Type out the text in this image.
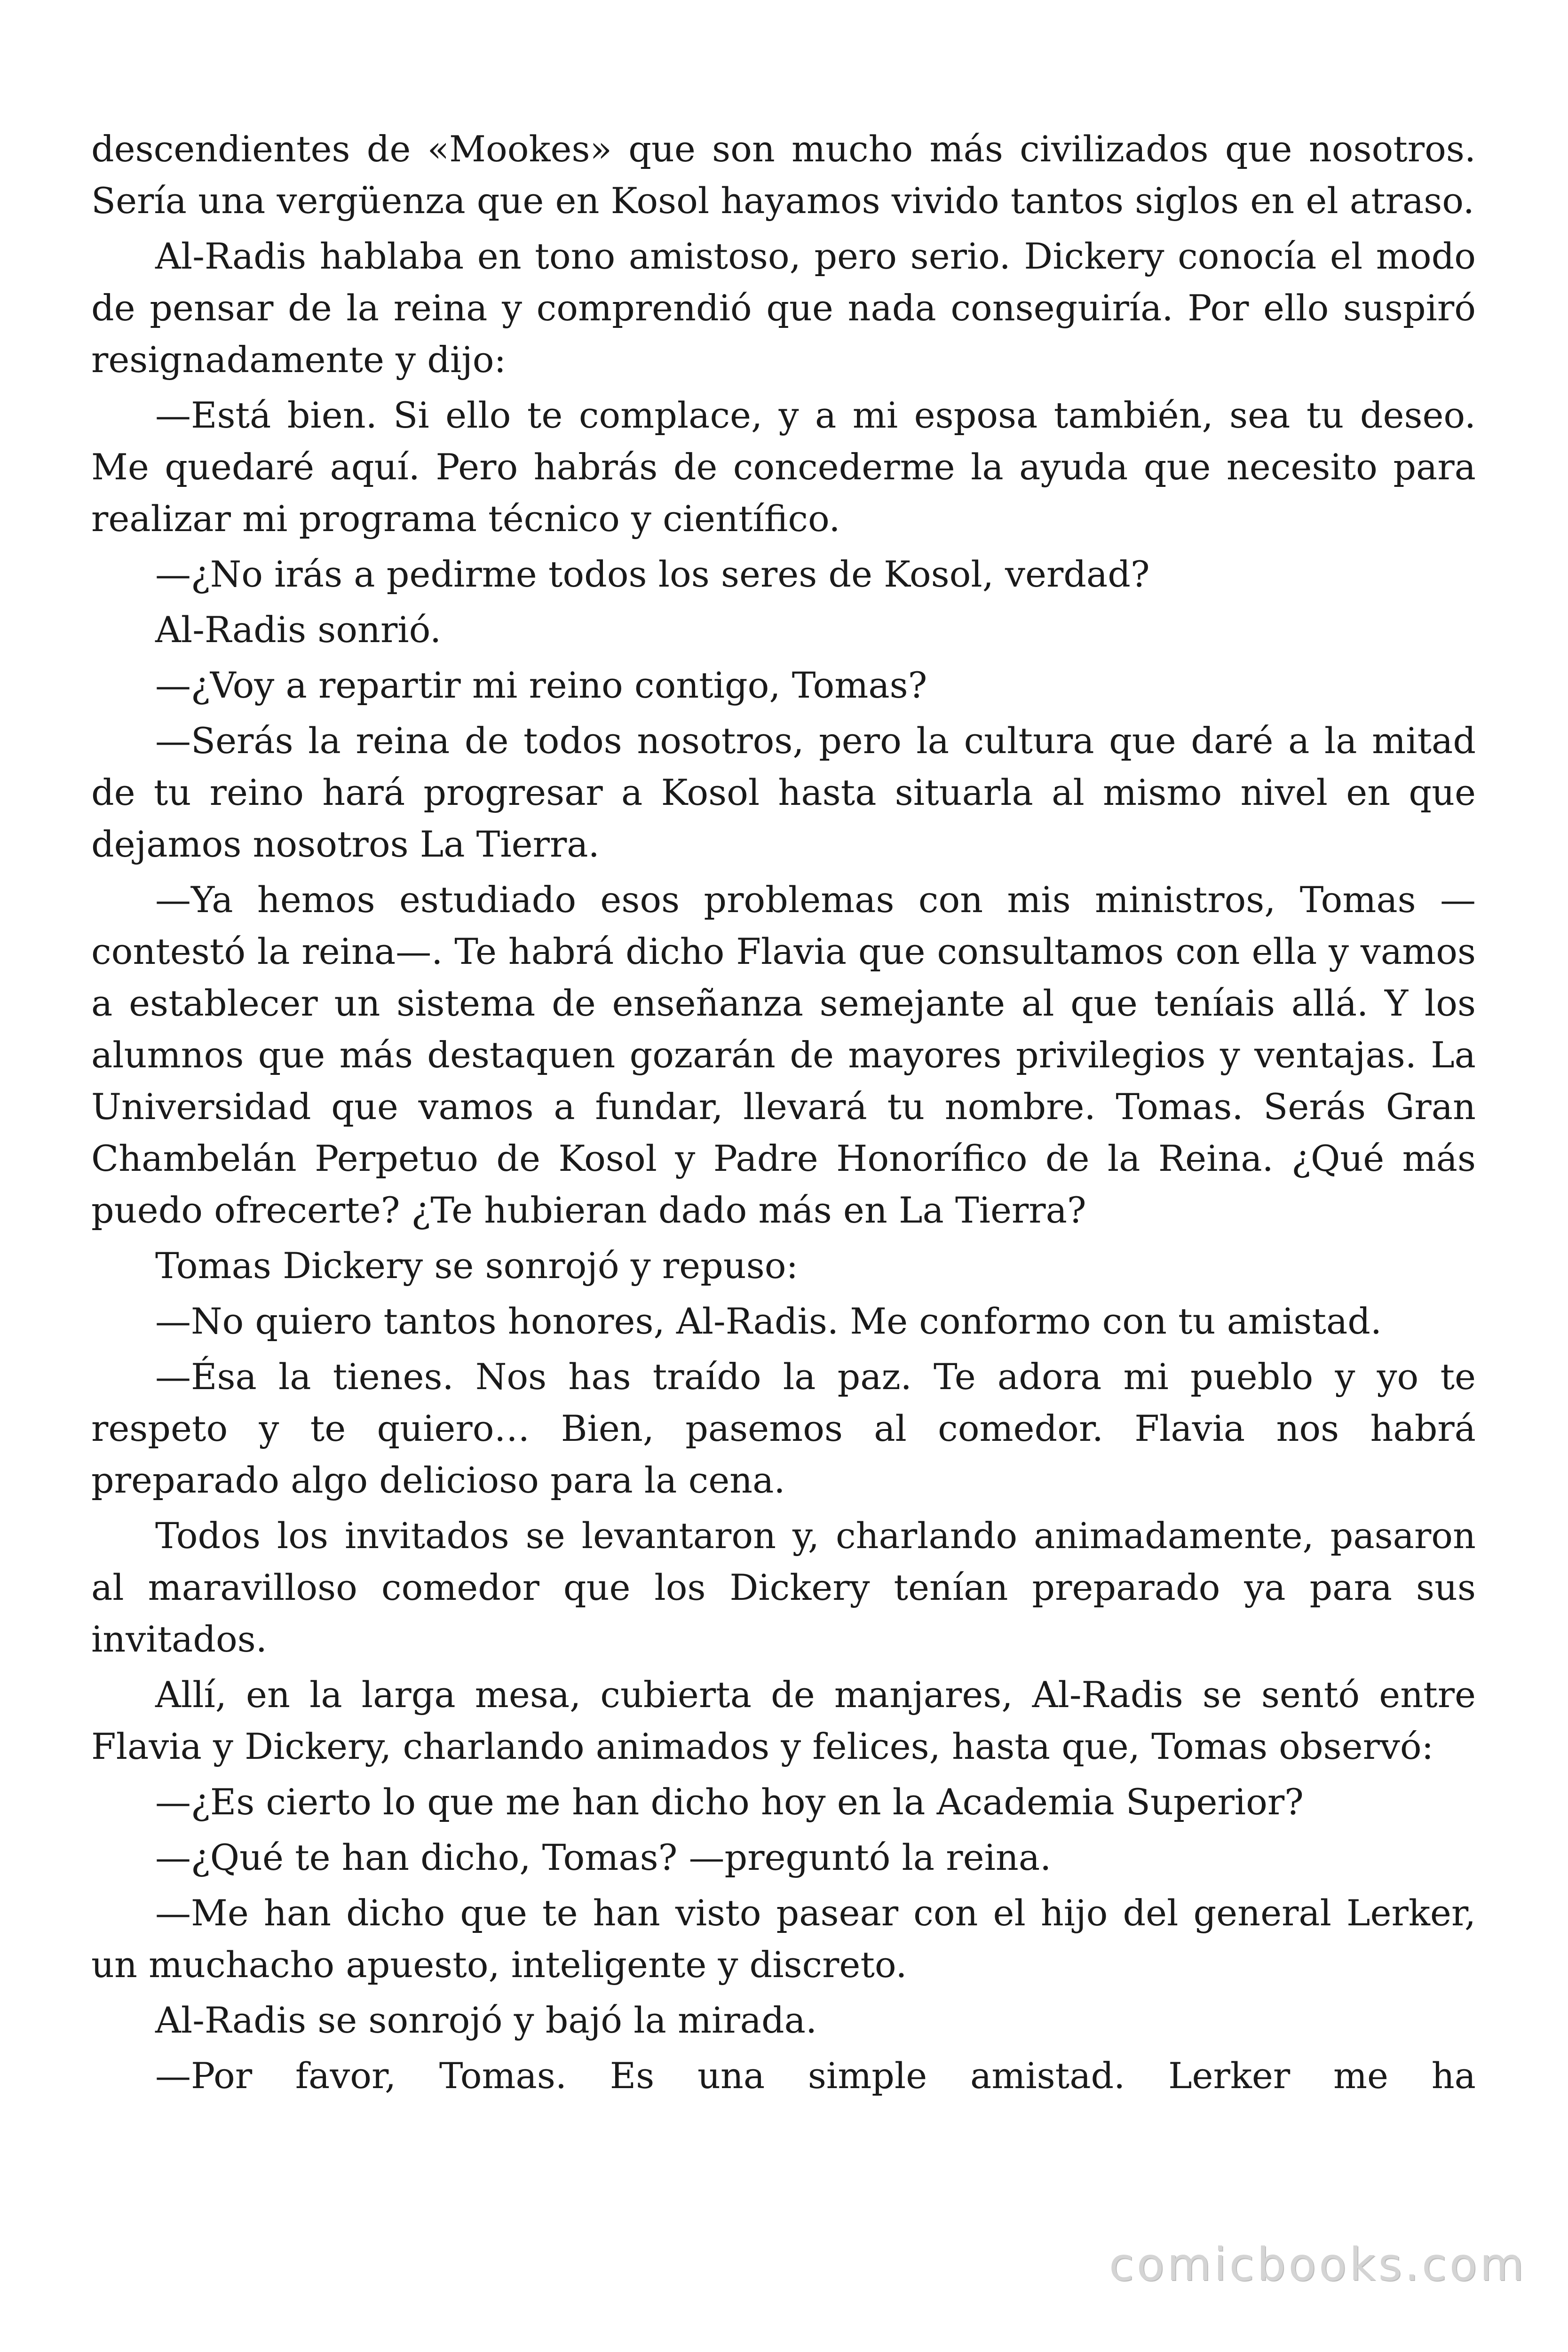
descendientes de «Mookes» que son mucho más civilizados que nosotros. Sería una vergüenza que en Kosol hayamos vivido tantos siglos en el atraso.

Al-Radis hablaba en tono amistoso, pero serio. Dickery conocía el modo de pensar de la reina y comprendió que nada conseguiría. Por ello suspiró resignadamente y dijo:

—Está bien. Si ello te complace, y a mi esposa también, sea tu deseo. Me quedaré aquí. Pero habrás de concederme la ayuda que necesito para realizar mi programa técnico y científico.

—¿No irás a pedirme todos los seres de Kosol, verdad?

Al-Radis sonrió.

—¿Voy a repartir mi reino contigo, Tomas?

—Serás la reina de todos nosotros, pero la cultura que daré a la mitad de tu reino hará progresar a Kosol hasta situarla al mismo nivel en que dejamos nosotros La Tierra.

—Ya hemos estudiado esos problemas con mis ministros, Tomas —contestó la reina—. Te habrá dicho Flavia que consultamos con ella y vamos a establecer un sistema de enseñanza semejante al que teníais allá. Y los alumnos que más destaquen gozarán de mayores privilegios y ventajas. La Universidad que vamos a fundar, llevará tu nombre. Tomas. Serás Gran Chambelán Perpetuo de Kosol y Padre Honorífico de la Reina. ¿Qué más puedo ofrecerte? ¿Te hubieran dado más en La Tierra?

Tomas Dickery se sonrojó y repuso:

—No quiero tantos honores, Al-Radis. Me conformo con tu amistad.

—Ésa la tienes. Nos has traído la paz. Te adora mi pueblo y yo te respeto y te quiero… Bien, pasemos al comedor. Flavia nos habrá preparado algo delicioso para la cena.

Todos los invitados se levantaron y, charlando animadamente, pasaron al maravilloso comedor que los Dickery tenían preparado ya para sus invitados.

Allí, en la larga mesa, cubierta de manjares, Al-Radis se sentó entre Flavia y Dickery, charlando animados y felices, hasta que, Tomas observó:

—¿Es cierto lo que me han dicho hoy en la Academia Superior?

—¿Qué te han dicho, Tomas? —preguntó la reina.

—Me han dicho que te han visto pasear con el hijo del general Lerker, un muchacho apuesto, inteligente y discreto.

Al-Radis se sonrojó y bajó la mirada.

—Por favor, Tomas. Es una simple amistad. Lerker me ha

comicbooks.com
